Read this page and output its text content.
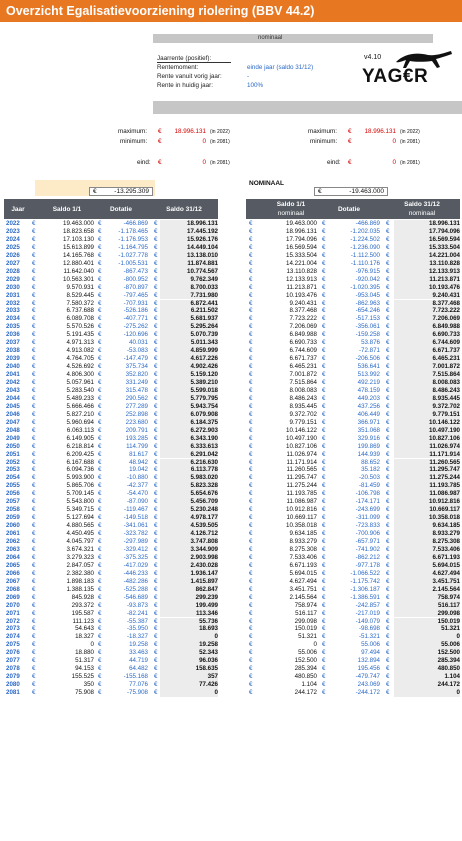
Overzicht Egalisatievoorziening riolering (BBV 44.2)
nominaal
Jaarrente (positief):
Rentemoment:	einde jaar (saldo 31/12)
Rente vanuit vorig jaar:	-
Rente in huidig jaar:	100%
v4.10
YAG€R
maximum: €	18.996.131 (in 2022)
minimum: €	0 (in 2081)
eind: €	0 (in 2081)
maximum: €	18.996.131 (in 2022)
minimum: €	0 (in 2081)
eind: €	0 (in 2081)
€	-13.295.309
NOMINAAL
€	-19.463.000
Jaar	Saldo 1/1	Dotatie	Saldo 31/12
Saldo 1/1
nominaal
Dotatie
Saldo 31/12
nominaal
2022	€	19.463.000 €	-466.869 €	18.996.131
2023	€	18.823.658 €	-1.178.465 €	17.445.192
2024	€	17.103.130 €	-1.176.953 €	15.926.176
2025	€	15.613.899 €	-1.164.795 €	14.449.104
2026	€	14.165.768 €	-1.027.778 €	13.138.010
2027	€	12.880.401 €	-1.005.531 €	11.874.881
2028	€	11.642.040 €	-867.473 €	10.774.567
2029	€	10.563.301 €	-800.952 €	9.762.349
2030	€	9.570.931 €	-870.897 €	8.700.033
2031	€	8.529.445 €	-797.465 €	7.731.980
2032	€	7.580.372 €	-707.931 €	6.872.441
2033	€	6.737.688 €	-526.186 €	6.211.502
2034	€	6.089.708 €	-407.771 €	5.681.937
2035	€	5.570.526 €	-275.262 €	5.295.264
2036	€	5.191.435 €	-120.696 €	5.070.739
2037	€	4.971.313 €	40.031 €	5.011.343
2038	€	4.913.082 €	-53.083 €	4.859.999
2039	€	4.764.705 €	-147.479 €	4.617.226
2040	€	4.526.692 €	375.734 €	4.902.426
2041	€	4.806.300 €	352.820 €	5.159.120
2042	€	5.057.961 €	331.249 €	5.389.210
2043	€	5.283.540 €	315.478 €	5.599.018
2044	€	5.489.233 €	290.562 €	5.779.795
2045	€	5.666.466 €	277.289 €	5.943.754
2046	€	5.827.210 €	252.898 €	6.079.908
2047	€	5.960.694 €	223.680 €	6.184.375
2048	€	6.063.113 €	209.791 €	6.272.903
2049	€	6.149.905 €	193.285 €	6.343.190
2050	€	6.218.814 €	114.799 €	6.333.613
2051	€	6.209.425 €	81.617 €	6.291.042
2052	€	6.167.688 €	48.942 €	6.216.630
2053	€	6.094.736 €	19.042 €	6.113.778
2054	€	5.993.900 €	-10.880 €	5.983.020
2055	€	5.865.706 €	-42.377 €	5.823.328
2056	€	5.709.145 €	-54.470 €	5.654.676
2057	€	5.543.800 €	-87.090 €	5.456.709
2058	€	5.349.715 €	-119.467 €	5.230.248
2059	€	5.127.694 €	-149.518 €	4.978.177
2060	€	4.880.565 €	-341.061 €	4.539.505
2061	€	4.450.495 €	-323.782 €	4.126.712
2062	€	4.045.797 €	-297.989 €	3.747.808
2063	€	3.674.321 €	-329.412 €	3.344.909
2064	€	3.279.323 €	-375.325 €	2.903.998
2065	€	2.847.057 €	-417.029 €	2.430.028
2066	€	2.382.380 €	-446.233 €	1.936.147
2067	€	1.898.183 €	-482.286 €	1.415.897
2068	€	1.388.135 €	-525.288 €	862.847
2069	€	845.928 €	-546.689 €	299.239
2070	€	293.372 €	-93.873 €	199.499
2071	€	195.587 €	-82.241 €	113.346
2072	€	111.123 €	-55.387 €	55.736
2073	€	54.643 €	-35.950 €	18.693
2074	€	18.327 €	-18.327 €	0
2075	€	0 €	19.258 €	19.258
2076	€	18.880 €	33.463 €	52.343
2077	€	51.317 €	44.719 €	96.036
2078	€	94.153 €	64.482 €	158.635
2079	€	155.525 €	-155.168 €	357
2080	€	350 €	77.076 €	77.426
2081	€	75.908 €	-75.908 €	0
€	19.463.000 €	-466.869 €	18.996.131
€	18.996.131 €	-1.202.035 €	17.794.096
€	17.794.096 €	-1.224.502 €	16.569.594
€	16.569.594 €	-1.236.090 €	15.333.504
€	15.333.504 €	-1.112.500 €	14.221.004
€	14.221.004 €	-1.110.176 €	13.110.828
€	13.110.828 €	-976.915 €	12.133.913
€	12.133.913 €	-920.042 €	11.213.871
€	11.213.871 €	-1.020.395 €	10.193.476
€	10.193.476 €	-953.045 €	9.240.431
€	9.240.431 €	-862.963 €	8.377.468
€	8.377.468 €	-654.246 €	7.723.222
€	7.723.222 €	-517.153 €	7.206.069
€	7.206.069 €	-356.061 €	6.849.988
€	6.849.988 €	-159.258 €	6.690.733
€	6.690.733 €	53.876 €	6.744.609
€	6.744.609 €	-72.871 €	6.671.737
€	6.671.737 €	-206.506 €	6.465.231
€	6.465.231 €	536.641 €	7.001.872
€	7.001.872 €	513.992 €	7.515.864
€	7.515.864 €	492.219 €	8.008.083
€	8.008.083 €	478.159 €	8.486.243
€	8.486.243 €	449.203 €	8.935.445
€	8.935.445 €	437.256 €	9.372.702
€	9.372.702 €	406.449 €	9.779.151
€	9.779.151 €	366.971 €	10.146.122
€	10.146.122 €	351.068 €	10.497.190
€	10.497.190 €	329.916 €	10.827.106
€	10.827.106 €	199.869 €	11.026.974
€	11.026.974 €	144.939 €	11.171.914
€	11.171.914 €	88.652 €	11.260.565
€	11.260.565 €	35.182 €	11.295.747
€	11.295.747 €	-20.503 €	11.275.244
€	11.275.244 €	-81.459 €	11.193.785
€	11.193.785 €	-106.798 €	11.086.987
€	11.086.987 €	-174.171 €	10.912.816
€	10.912.816 €	-243.699 €	10.669.117
€	10.669.117 €	-311.099 €	10.358.018
€	10.358.018 €	-723.833 €	9.634.185
€	9.634.185 €	-700.906 €	8.933.279
€	8.933.279 €	-657.971 €	8.275.308
€	8.275.308 €	-741.902 €	7.533.406
€	7.533.406 €	-862.212 €	6.671.193
€	6.671.193 €	-977.178 €	5.694.015
€	5.694.015 €	-1.066.522 €	4.627.494
€	4.627.494 €	-1.175.742 €	3.451.751
€	3.451.751 €	-1.306.187 €	2.145.564
€	2.145.564 €	-1.386.591 €	758.974
€	758.974 €	-242.857 €	516.117
€	516.117 €	-217.019 €	299.098
€	299.098 €	-149.079 €	150.019
€	150.019 €	-98.698 €	51.321
€	51.321 €	-51.321 €	0
€	0 €	55.006 €	55.006
€	55.006 €	97.494 €	152.500
€	152.500 €	132.894 €	285.394
€	285.394 €	195.456 €	480.850
€	480.850 €	-479.747 €	1.104
€	1.104 €	243.069 €	244.172
€	244.172 €	-244.172 €	0
